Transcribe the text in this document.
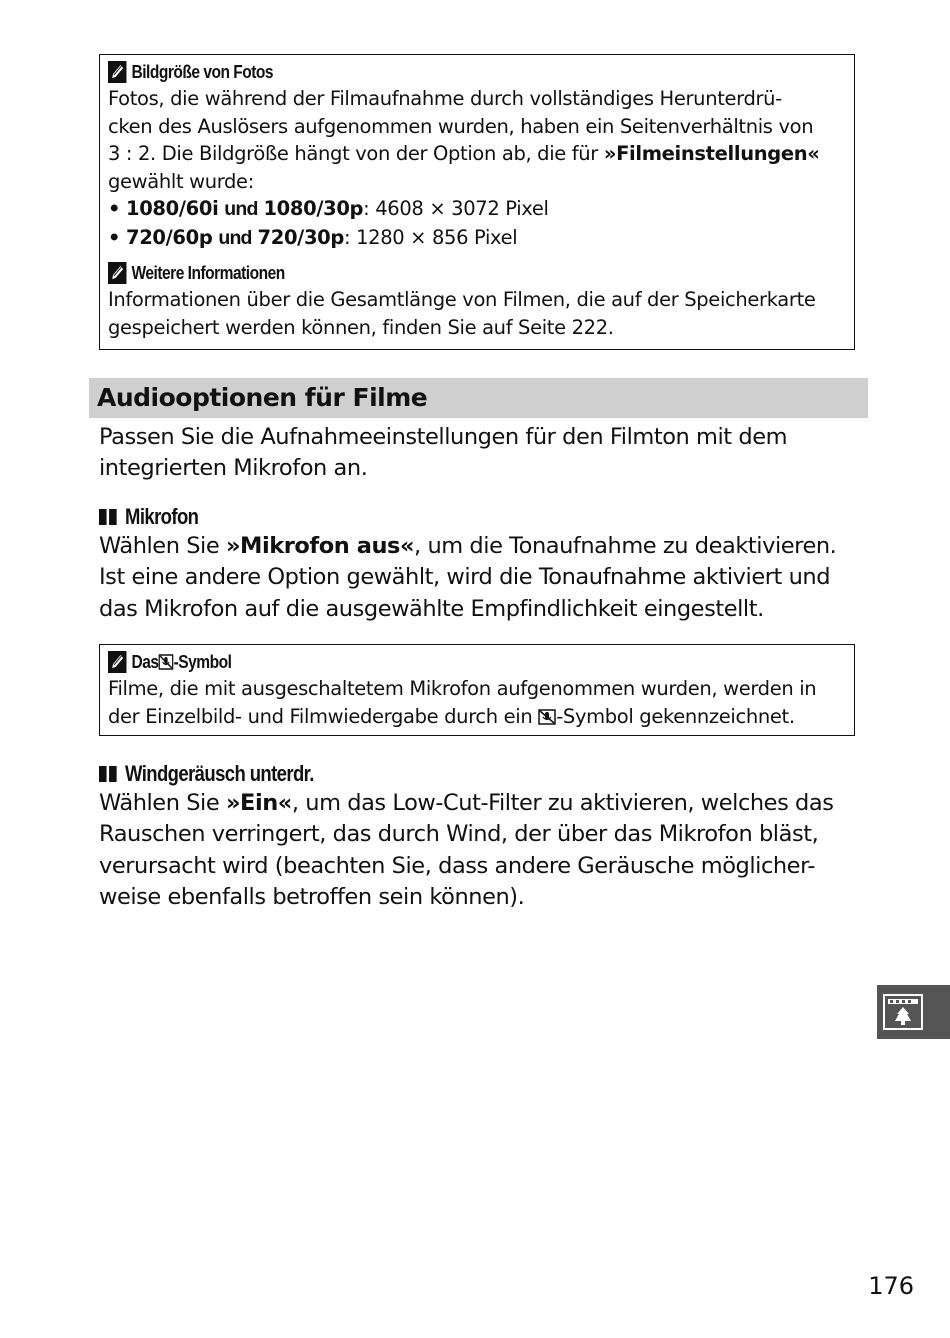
Bildgröße von Fotos

Fotos, die während der Filmaufnahme durch vollständiges Herunterdrü-

cken des Auslösers aufgenommen wurden, haben ein Seitenverhältnis von

3 : 2. Die Bildgröße hängt von der Option ab, die für »Filmeinstellungen«

gewählt wurde:

• 1080/60i und 1080/30p: 4608 × 3072 Pixel

• 720/60p und 720/30p: 1280 × 856 Pixel

Weitere Informationen

Informationen über die Gesamtlänge von Filmen, die auf der Speicherkarte

gespeichert werden können, finden Sie auf Seite 222.

Audiooptionen für Filme

Passen Sie die Aufnahmeeinstellungen für den Filmton mit dem

integrierten Mikrofon an.

Mikrofon

Wählen Sie »Mikrofon aus«, um die Tonaufnahme zu deaktivieren.

Ist eine andere Option gewählt, wird die Tonaufnahme aktiviert und

das Mikrofon auf die ausgewählte Empfindlichkeit eingestellt.

Das -Symbol

Filme, die mit ausgeschaltetem Mikrofon aufgenommen wurden, werden in

der Einzelbild- und Filmwiedergabe durch ein -Symbol gekennzeichnet.

Windgeräusch unterdr.

Wählen Sie »Ein«, um das Low-Cut-Filter zu aktivieren, welches das

Rauschen verringert, das durch Wind, der über das Mikrofon bläst,

verursacht wird (beachten Sie, dass andere Geräusche möglicher-

weise ebenfalls betroffen sein können).

176
